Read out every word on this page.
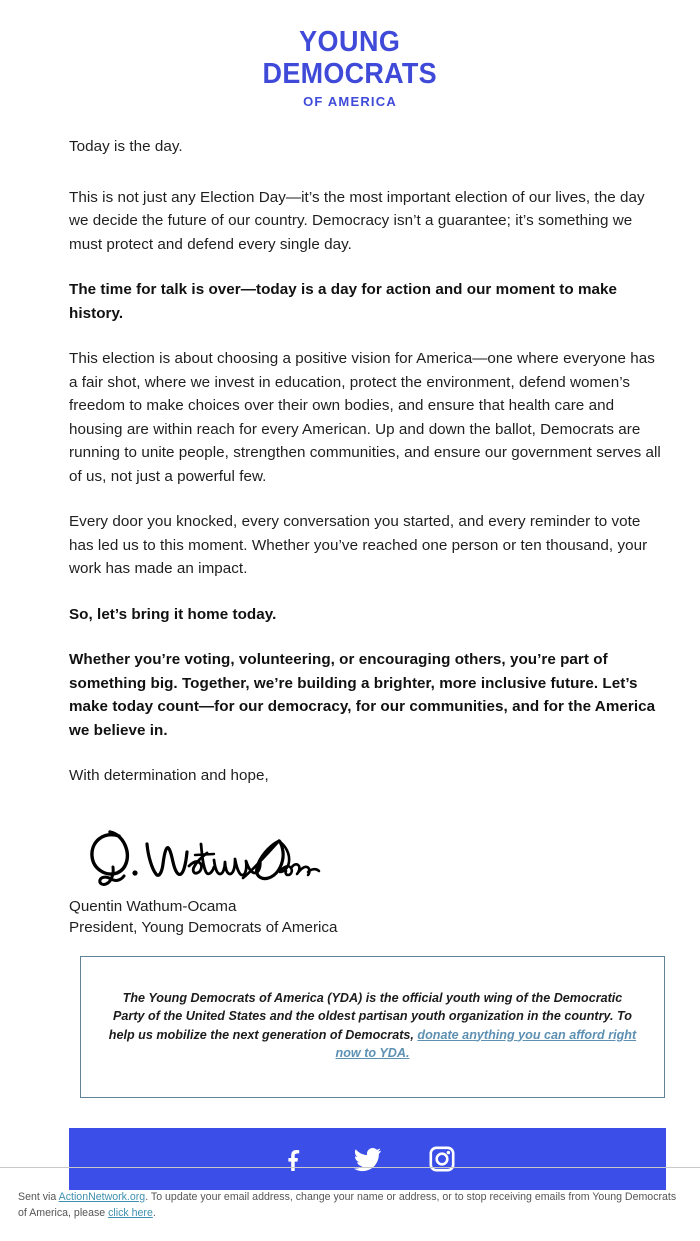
YOUNG
DEMOCRATS
OF AMERICA

Today is the day.

This is not just any Election Day—it’s the most important election of our lives, the day we decide the future of our country. Democracy isn’t a guarantee; it’s something we must protect and defend every single day.

The time for talk is over—today is a day for action and our moment to make history.

This election is about choosing a positive vision for America—one where everyone has a fair shot, where we invest in education, protect the environment, defend women’s freedom to make choices over their own bodies, and ensure that health care and housing are within reach for every American. Up and down the ballot, Democrats are running to unite people, strengthen communities, and ensure our government serves all of us, not just a powerful few.

Every door you knocked, every conversation you started, and every reminder to vote has led us to this moment. Whether you’ve reached one person or ten thousand, your work has made an impact.

So, let’s bring it home today.

Whether you’re voting, volunteering, or encouraging others, you’re part of something big. Together, we’re building a brighter, more inclusive future. Let’s make today count—for our democracy, for our communities, and for the America we believe in.

With determination and hope,

Quentin Wathum-Ocama

President, Young Democrats of America

The Young Democrats of America (YDA) is the official youth wing of the Democratic Party of the United States and the oldest partisan youth organization in the country. To help us mobilize the next generation of Democrats, donate anything you can afford right now to YDA.

Sent via ActionNetwork.org. To update your email address, change your name or address, or to stop receiving emails from Young Democrats of America, please click here.
